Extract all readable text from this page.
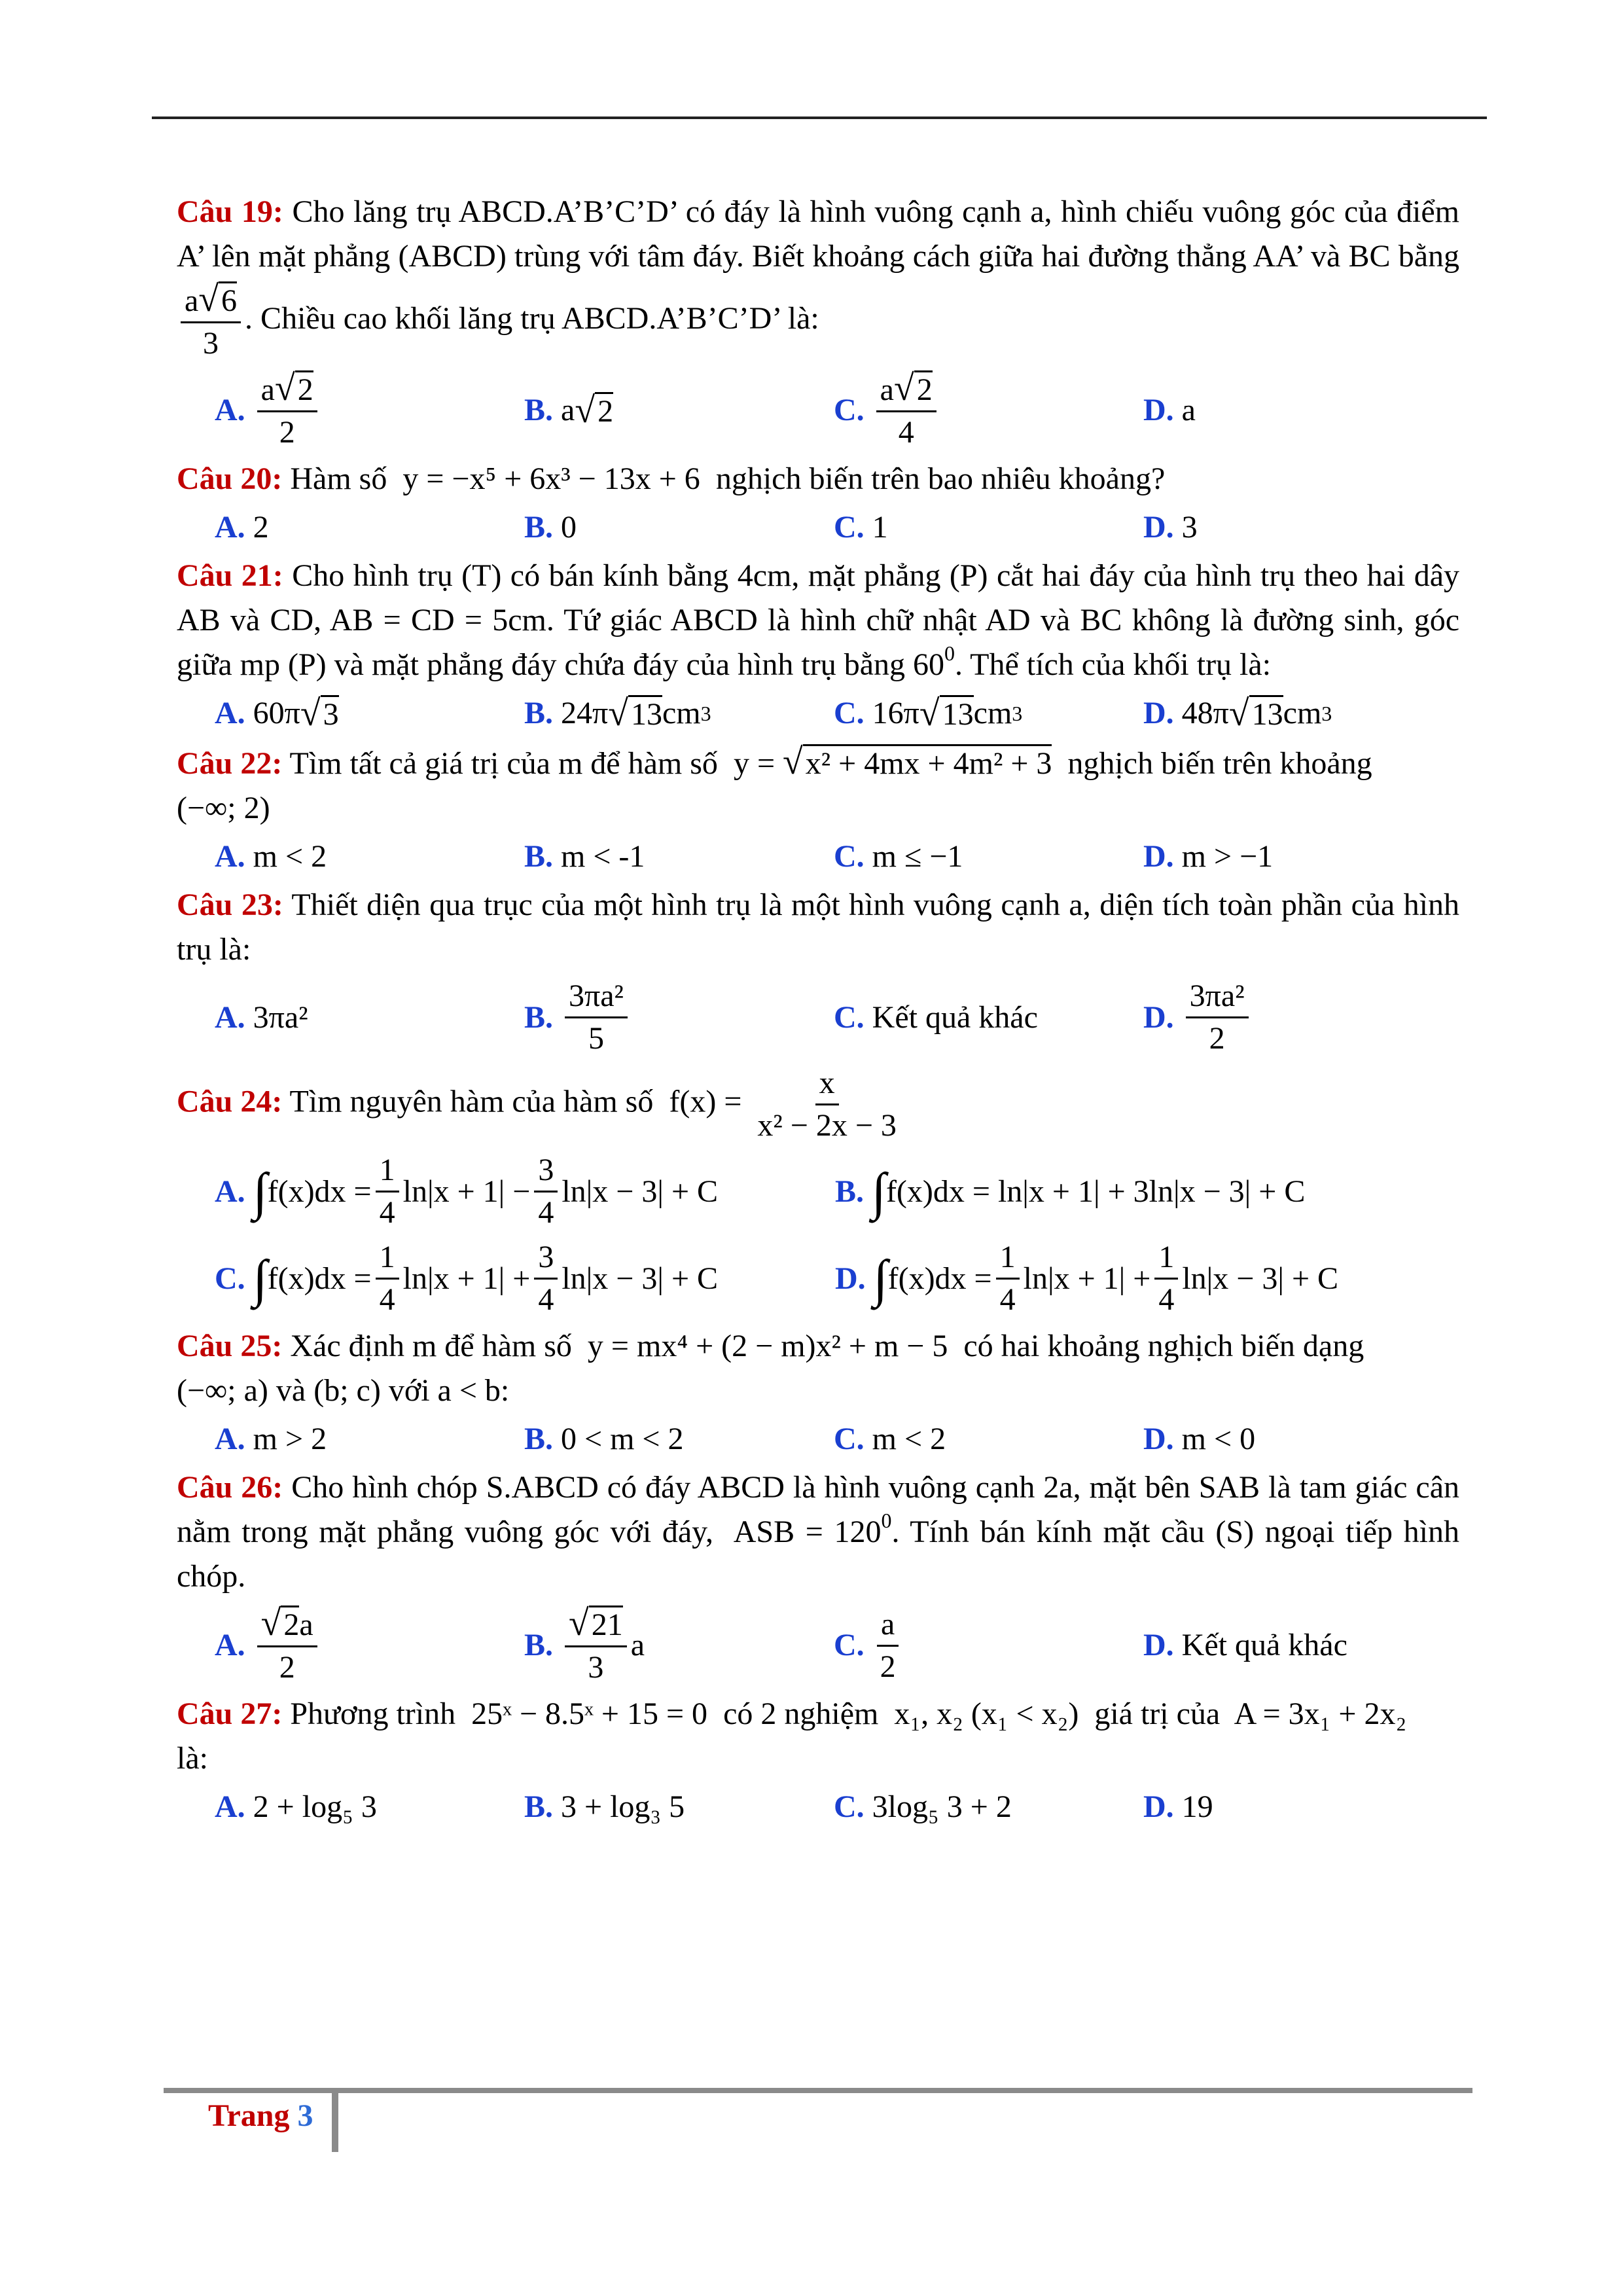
Câu 19: Cho lăng trụ ABCD.A’B’C’D’ có đáy là hình vuông cạnh a, hình chiếu vuông góc của điểm A’ lên mặt phẳng (ABCD) trùng với tâm đáy. Biết khoảng cách giữa hai đường thẳng AA’ và BC bằng
$\frac{a√6}{3}$ . Chiều cao khối lăng trụ ABCD.A’B’C’D’ là:

A. $\frac{a√2}{2}$	B. a √ 2	C. $\frac{a√2}{4}$	D. a

Câu 20: Hàm số y = −x⁵ + 6x³ − 13x + 6 nghịch biến trên bao nhiêu khoảng?

A. 2	B. 0	C. 1	D. 3

Câu 21: Cho hình trụ (T) có bán kính bằng 4cm, mặt phẳng (P) cắt hai đáy của hình trụ theo hai dây AB và CD, AB = CD = 5cm. Tứ giác ABCD là hình chữ nhật AD và BC không là đường sinh, góc giữa mp (P) và mặt phẳng đáy chứa đáy của hình trụ bằng $60^0$. Thể tích của khối trụ là:

A. 60π √ 3	B. 24π √ 13 cm 3	C. 16π √ 13 cm 3	D. 48π √ 13 cm 3

Câu 22: Tìm tất cả giá trị của m để hàm số y = √x² + 4mx + 4m² + 3 nghịch biến trên khoảng
(−∞; 2)

A. m < 2	B. m < -1	C. m ≤ −1	D. m > −1

Câu 23: Thiết diện qua trục của một hình trụ là một hình vuông cạnh a, diện tích toàn phần của hình trụ là:

A. 3πa²	B. $\frac{\text{3πa²}}{5}$	C. Kết quả khác	D. $\frac{\text{3πa²}}{2}$

Câu 24: Tìm nguyên hàm của hàm số $f(x) = \frac{x}{\text{x² − 2x − 3}}$

A. ∫ $f(x)dx = \frac{1}{4} \ln|x + 1| - \frac{3}{4} \ln|x - 3| + C$	B. ∫ f(x)dx =
ln|x + 1| + 3ln|x − 3| + C
C. ∫ $f(x)dx = \frac{1}{4} \ln|x + 1| + \frac{3}{4} \ln|x - 3| + C$	D. ∫ $f(x)dx = \frac{1}{4} \ln|x + 1| + \frac{1}{4} \ln|x - 3| + C$

Câu 25: Xác định m để hàm số y = mx⁴ + (2 − m)x² + m − 5 có hai khoảng nghịch biến dạng
(−∞; a) và (b; c) với a < b:

A. m > 2	B. 0 < m < 2	C. m < 2	D. m < 0

Câu 26: Cho hình chóp S.ABCD có đáy ABCD là hình vuông cạnh 2a, mặt bên SAB là tam giác cân nằm trong mặt phẳng vuông góc với đáy, ASB = $120^0$. Tính bán kính mặt cầu (S) ngoại tiếp hình chóp.

A. $\frac{√2a}{2}$	B. $\frac{√21}{3}$ a	C. $\frac{a}{2}$	D. Kết quả khác

Câu 27: Phương trình 25ˣ − 8.5ˣ + 15 = 0 có 2 nghiệm x₁, x₂ (x₁ < x₂) giá trị của A = 3x₁ + 2x₂
là:

A. 2 + log₅ 3	B. 3 + log₃ 5	C. 3log₅ 3 + 2	D. 19
Trang 3
